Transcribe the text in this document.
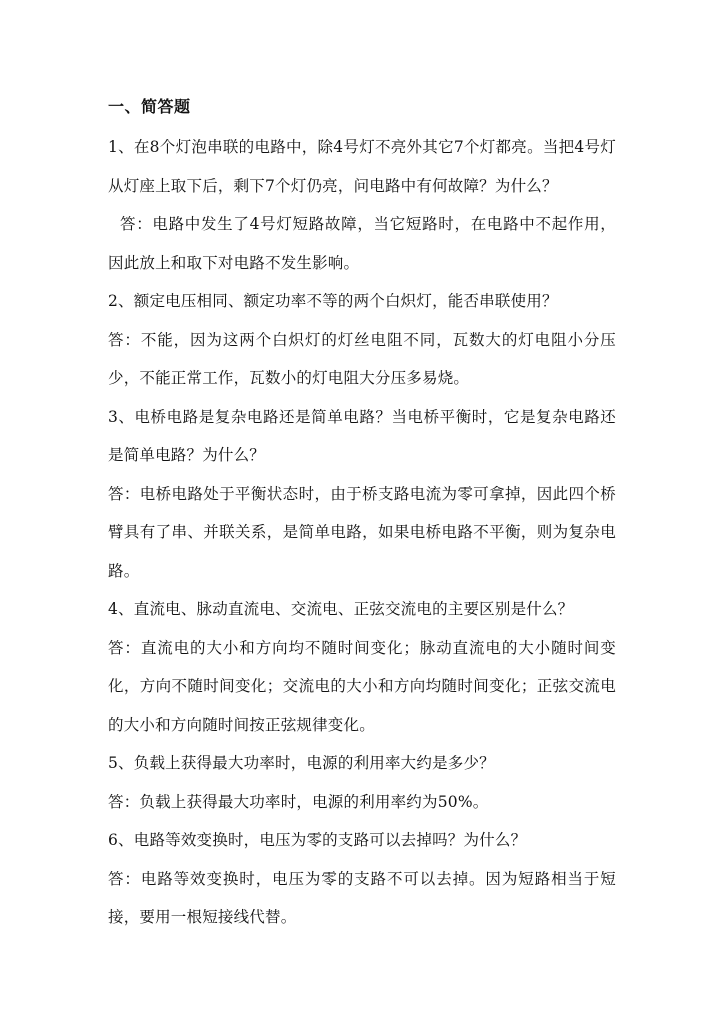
一、简答题

1、在8个灯泡串联的电路中，除4号灯不亮外其它7个灯都亮。当把4号灯从灯座上取下后，剩下7个灯仍亮，问电路中有何故障？为什么？

答：电路中发生了4号灯短路故障，当它短路时，在电路中不起作用，因此放上和取下对电路不发生影响。

2、额定电压相同、额定功率不等的两个白炽灯，能否串联使用？

答：不能，因为这两个白炽灯的灯丝电阻不同，瓦数大的灯电阻小分压少，不能正常工作，瓦数小的灯电阻大分压多易烧。

3、电桥电路是复杂电路还是简单电路？当电桥平衡时，它是复杂电路还是简单电路？为什么？

答：电桥电路处于平衡状态时，由于桥支路电流为零可拿掉，因此四个桥臂具有了串、并联关系，是简单电路，如果电桥电路不平衡，则为复杂电路。

4、直流电、脉动直流电、交流电、正弦交流电的主要区别是什么？

答：直流电的大小和方向均不随时间变化；脉动直流电的大小随时间变化，方向不随时间变化；交流电的大小和方向均随时间变化；正弦交流电的大小和方向随时间按正弦规律变化。

5、负载上获得最大功率时，电源的利用率大约是多少？

答：负载上获得最大功率时，电源的利用率约为50%。

6、电路等效变换时，电压为零的支路可以去掉吗？为什么？

答：电路等效变换时，电压为零的支路不可以去掉。因为短路相当于短接，要用一根短接线代替。
